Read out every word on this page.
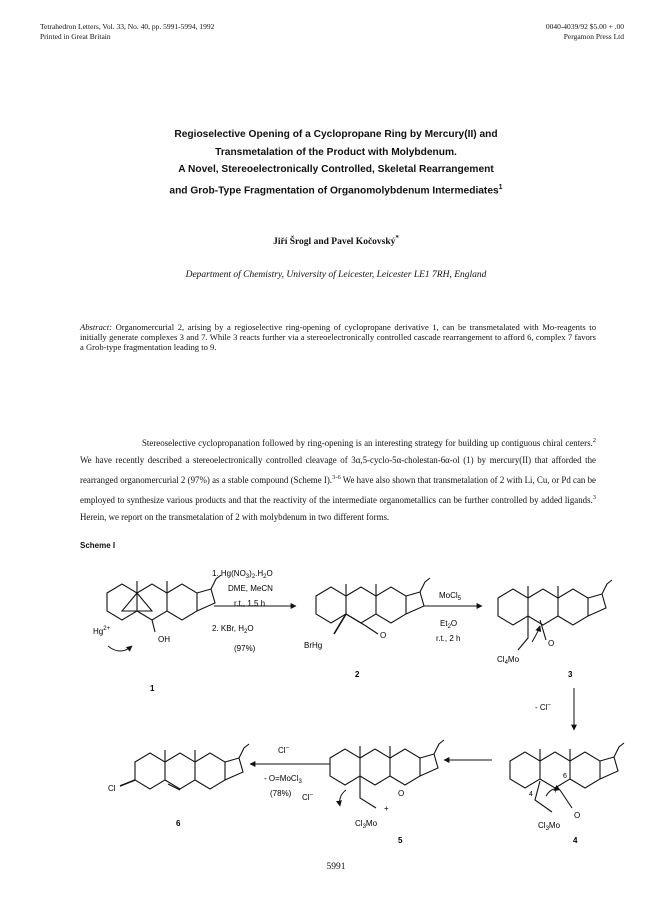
Tetrahedron Letters, Vol. 33, No. 40, pp. 5991-5994, 1992
Printed in Great Britain
0040-4039/92 $5.00 + .00
Pergamon Press Ltd
Regioselective Opening of a Cyclopropane Ring by Mercury(II) and
Transmetalation of the Product with Molybdenum.
A Novel, Stereoelectronically Controlled, Skeletal Rearrangement
and Grob-Type Fragmentation of Organomolybdenum Intermediates$^1$
Jiří Šrogl and Pavel Kočovský*
Department of Chemistry, University of Leicester, Leicester LE1 7RH, England
Abstract: Organomercurial 2, arising by a regioselective ring-opening of cyclopropane derivative 1, can be transmetalated with Mo-reagents to initially generate complexes 3 and 7. While 3 reacts further via a stereoelectronically controlled cascade rearrangement to afford 6, complex 7 favors a Grob-type fragmentation leading to 9.

Stereoselective cyclopropanation followed by ring-opening is an interesting strategy for building up contiguous chiral centers.$^2$ We have recently described a stereoelectronically controlled cleavage of 3α,5-cyclo-5α-cholestan-6α-ol (1) by mercury(II) that afforded the rearranged organomercurial 2 (97%) as a stable compound (Scheme I).$^{3-6}$ We have also shown that transmetalation of 2 with Li, Cu, or Pd can be employed to synthesize various products and that the reactivity of the intermediate organometallics can be further controlled by added ligands.$^3$ Herein, we report on the transmetalation of 2 with molybdenum in two different forms.

Scheme I
$Hg^{2+}$
OH
1
1. $Hg(NO_3)_2.H_2O$
DME, MeCN
r.t., 1.5 h
2. KBr, $H_2O$
(97%)	BrHg
O
2
MoCl$_5$
$Et_2O$
r.t., 2 h
O
$Cl_4Mo$
3
- Cl–
6
4	+
O
$Cl_3Mo$
4
Cl–	O
$Cl_3Mo$
+
5
Cl–
- O=MoCl$_3$
(78%)
Cl
6
5991
